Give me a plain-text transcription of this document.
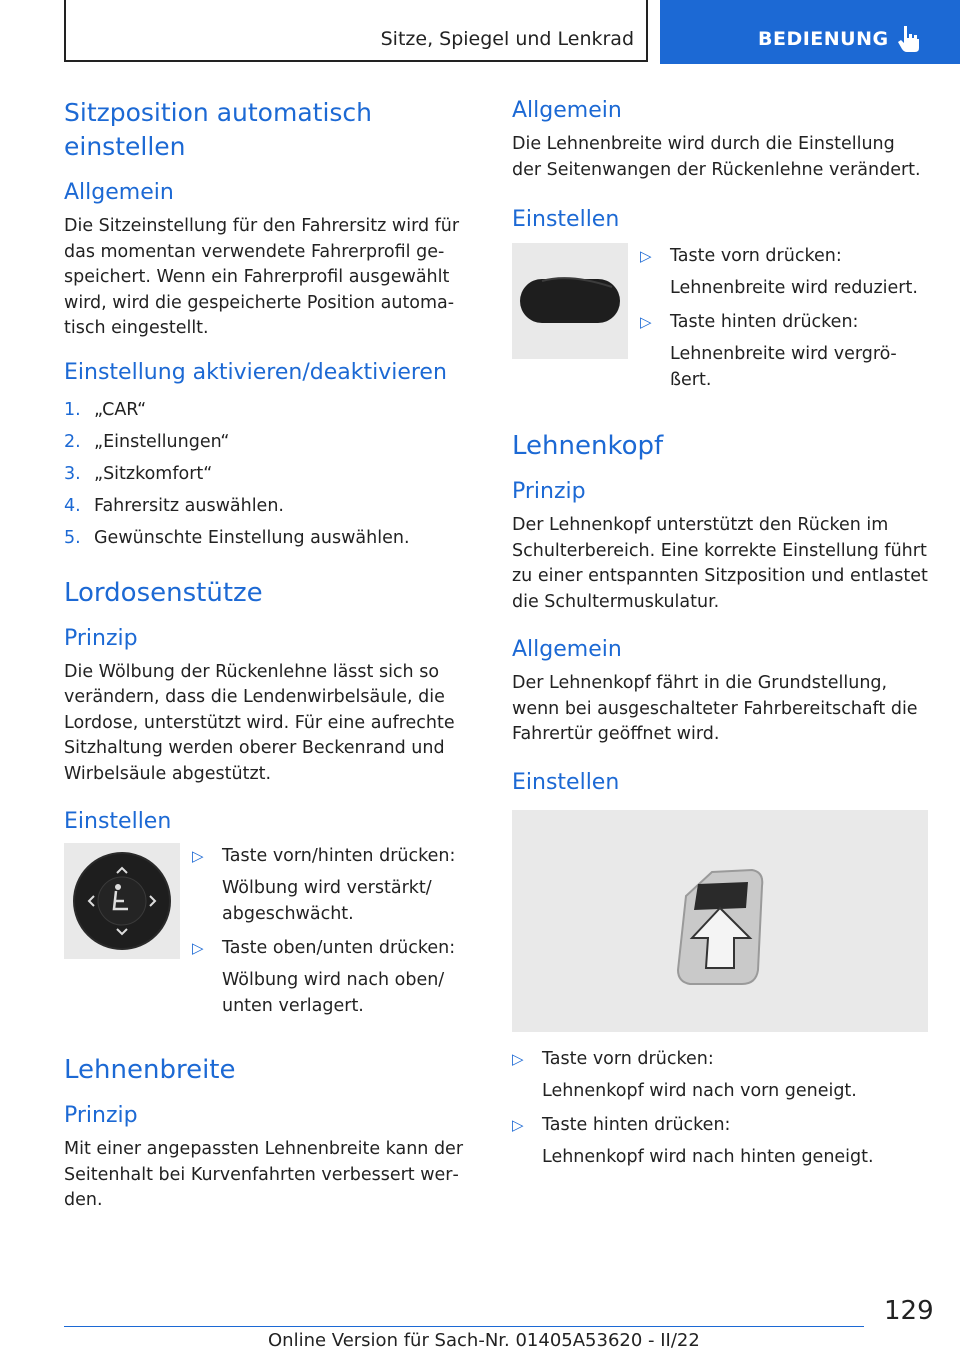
Sitze, Spiegel und Lenkrad	BEDIENUNG
Sitzposition automatisch einstellen
Allgemein

Die Sitzeinstellung für den Fahrersitz wird für das momentan verwendete Fahrerprofil gespeichert. Wenn ein Fahrerprofil ausgewählt wird, wird die gespeicherte Position automatisch eingestellt.

Einstellung aktivieren/deaktivieren
1. „CAR“
2. „Einstellungen“
3. „Sitzkomfort“
4. Fahrersitz auswählen.
5. Gewünschte Einstellung auswählen.
Lordosenstütze
Prinzip

Die Wölbung der Rückenlehne lässt sich so verändern, dass die Lendenwirbelsäule, die Lordose, unterstützt wird. Für eine aufrechte Sitzhaltung werden oberer Beckenrand und Wirbelsäule abgestützt.

Einstellen
▷ Taste vorn/hinten drücken:
Wölbung wird verstärkt/ abgeschwächt.
▷ Taste oben/unten drücken:
Wölbung wird nach oben/ unten verlagert.
Lehnenbreite
Prinzip

Mit einer angepassten Lehnenbreite kann der Seitenhalt bei Kurvenfahrten verbessert werden.

Allgemein

Die Lehnenbreite wird durch die Einstellung der Seitenwangen der Rückenlehne verändert.

Einstellen
▷ Taste vorn drücken:
Lehnenbreite wird reduziert.
▷ Taste hinten drücken:
Lehnenbreite wird vergrößert.
Lehnenkopf
Prinzip

Der Lehnenkopf unterstützt den Rücken im Schulterbereich. Eine korrekte Einstellung führt zu einer entspannten Sitzposition und entlastet die Schultermuskulatur.

Allgemein

Der Lehnenkopf fährt in die Grundstellung, wenn bei ausgeschalteter Fahrbereitschaft die Fahrertür geöffnet wird.

Einstellen
▷ Taste vorn drücken:
Lehnenkopf wird nach vorn geneigt.
▷ Taste hinten drücken:
Lehnenkopf wird nach hinten geneigt.
129
Online Version für Sach-Nr. 01405A53620 - II/22
